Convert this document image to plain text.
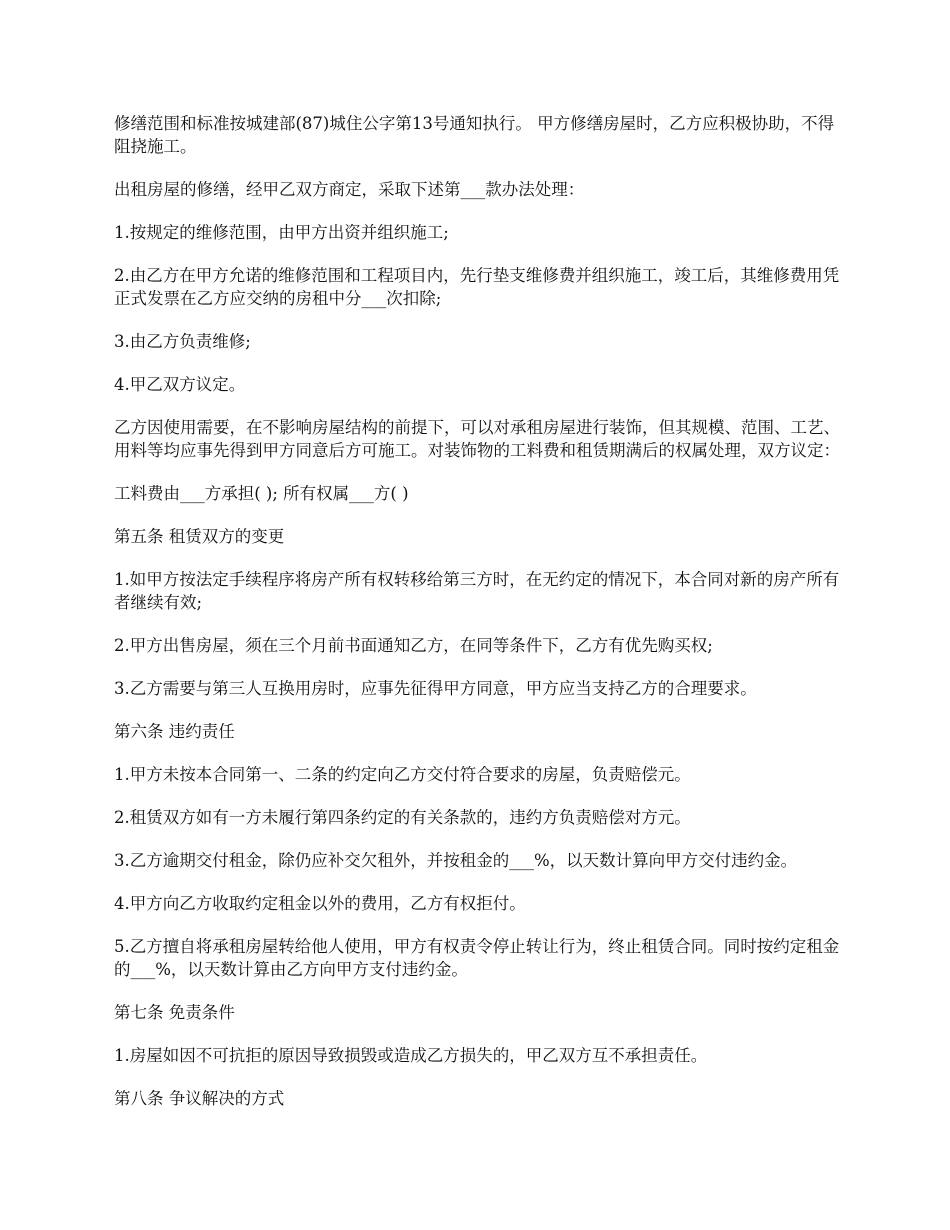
修缮范围和标准按城建部(87)城住公字第13号通知执行。 甲方修缮房屋时，乙方应积极协助，不得阻挠施工。

出租房屋的修缮，经甲乙双方商定，采取下述第___款办法处理：

1.按规定的维修范围，由甲方出资并组织施工;

2.由乙方在甲方允诺的维修范围和工程项目内，先行垫支维修费并组织施工，竣工后，其维修费用凭正式发票在乙方应交纳的房租中分___次扣除;

3.由乙方负责维修;

4.甲乙双方议定。

乙方因使用需要，在不影响房屋结构的前提下，可以对承租房屋进行装饰，但其规模、范围、工艺、用料等均应事先得到甲方同意后方可施工。对装饰物的工料费和租赁期满后的权属处理，双方议定：

工料费由___方承担( ); 所有权属___方( )

第五条 租赁双方的变更

1.如甲方按法定手续程序将房产所有权转移给第三方时，在无约定的情况下，本合同对新的房产所有者继续有效;

2.甲方出售房屋，须在三个月前书面通知乙方，在同等条件下，乙方有优先购买权;

3.乙方需要与第三人互换用房时，应事先征得甲方同意，甲方应当支持乙方的合理要求。

第六条 违约责任

1.甲方未按本合同第一、二条的约定向乙方交付符合要求的房屋，负责赔偿元。

2.租赁双方如有一方未履行第四条约定的有关条款的，违约方负责赔偿对方元。

3.乙方逾期交付租金，除仍应补交欠租外，并按租金的___%，以天数计算向甲方交付违约金。

4.甲方向乙方收取约定租金以外的费用，乙方有权拒付。

5.乙方擅自将承租房屋转给他人使用，甲方有权责令停止转让行为，终止租赁合同。同时按约定租金的___%，以天数计算由乙方向甲方支付违约金。

第七条 免责条件

1.房屋如因不可抗拒的原因导致损毁或造成乙方损失的，甲乙双方互不承担责任。

第八条 争议解决的方式
